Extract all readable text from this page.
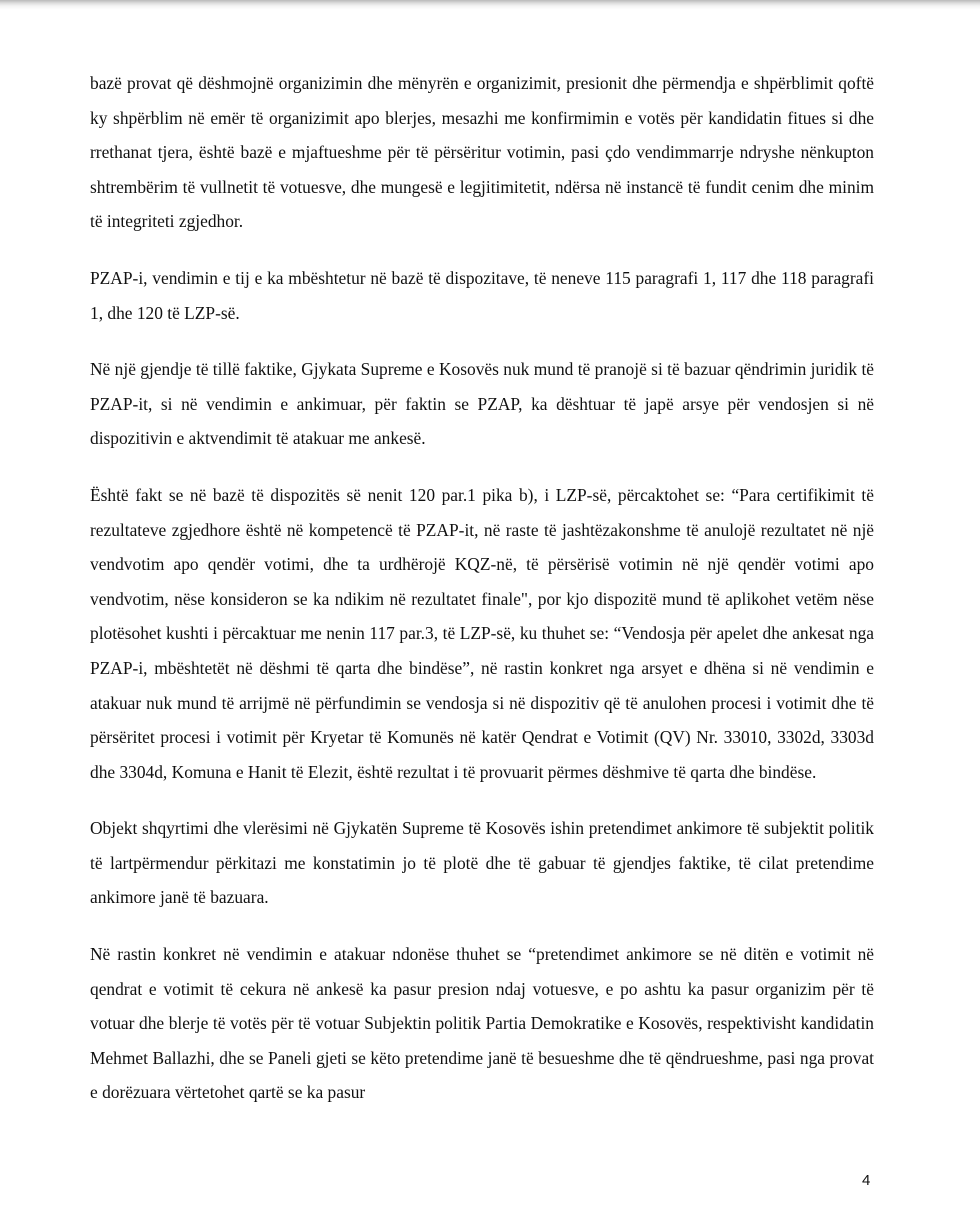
bazë provat që dëshmojnë organizimin dhe mënyrën e organizimit, presionit dhe përmendja e shpërblimit qoftë ky shpërblim në emër të organizimit apo blerjes, mesazhi me konfirmimin e votës për kandidatin fitues si dhe rrethanat tjera, është bazë e mjaftueshme për të përsëritur votimin, pasi çdo vendimmarrje ndryshe nënkupton shtrembërim të vullnetit të votuesve, dhe mungesë e legjitimitetit, ndërsa në instancë të fundit cenim dhe minim të integriteti zgjedhor.

PZAP-i, vendimin e tij e ka mbështetur në bazë të dispozitave, të neneve 115 paragrafi 1, 117 dhe 118 paragrafi 1, dhe 120 të LZP-së.

Në një gjendje të tillë faktike, Gjykata Supreme e Kosovës nuk mund të pranojë si të bazuar qëndrimin juridik të PZAP-it, si në vendimin e ankimuar, për faktin se PZAP, ka dështuar të japë arsye për vendosjen si në dispozitivin e aktvendimit të atakuar me ankesë.

Është fakt se në bazë të dispozitës së nenit 120 par.1 pika b), i LZP-së, përcaktohet se: “Para certifikimit të rezultateve zgjedhore është në kompetencë të PZAP-it, në raste të jashtëzakonshme të anulojë rezultatet në një vendvotim apo qendër votimi, dhe ta urdhërojë KQZ-në, të përsërisë votimin në një qendër votimi apo vendvotim, nëse konsideron se ka ndikim në rezultatet finale", por kjo dispozitë mund të aplikohet vetëm nëse plotësohet kushti i përcaktuar me nenin 117 par.3, të LZP-së, ku thuhet se: “Vendosja për apelet dhe ankesat nga PZAP-i, mbështetët në dëshmi të qarta dhe bindëse”, në rastin konkret nga arsyet e dhëna si në vendimin e atakuar nuk mund të arrijmë në përfundimin se vendosja si në dispozitiv që të anulohen procesi i votimit dhe të përsëritet procesi i votimit për Kryetar të Komunës në katër Qendrat e Votimit (QV) Nr. 33010, 3302d, 3303d dhe 3304d, Komuna e Hanit të Elezit, është rezultat i të provuarit përmes dëshmive të qarta dhe bindëse.

Objekt shqyrtimi dhe vlerësimi në Gjykatën Supreme të Kosovës ishin pretendimet ankimore të subjektit politik të lartpërmendur përkitazi me konstatimin jo të plotë dhe të gabuar të gjendjes faktike, të cilat pretendime ankimore janë të bazuara.

Në rastin konkret në vendimin e atakuar ndonëse thuhet se “pretendimet ankimore se në ditën e votimit në qendrat e votimit të cekura në ankesë ka pasur presion ndaj votuesve, e po ashtu ka pasur organizim për të votuar dhe blerje të votës për të votuar Subjektin politik Partia Demokratike e Kosovës, respektivisht kandidatin Mehmet Ballazhi, dhe se Paneli gjeti se këto pretendime janë të besueshme dhe të qëndrueshme, pasi nga provat e dorëzuara vërtetohet qartë se ka pasur

4
